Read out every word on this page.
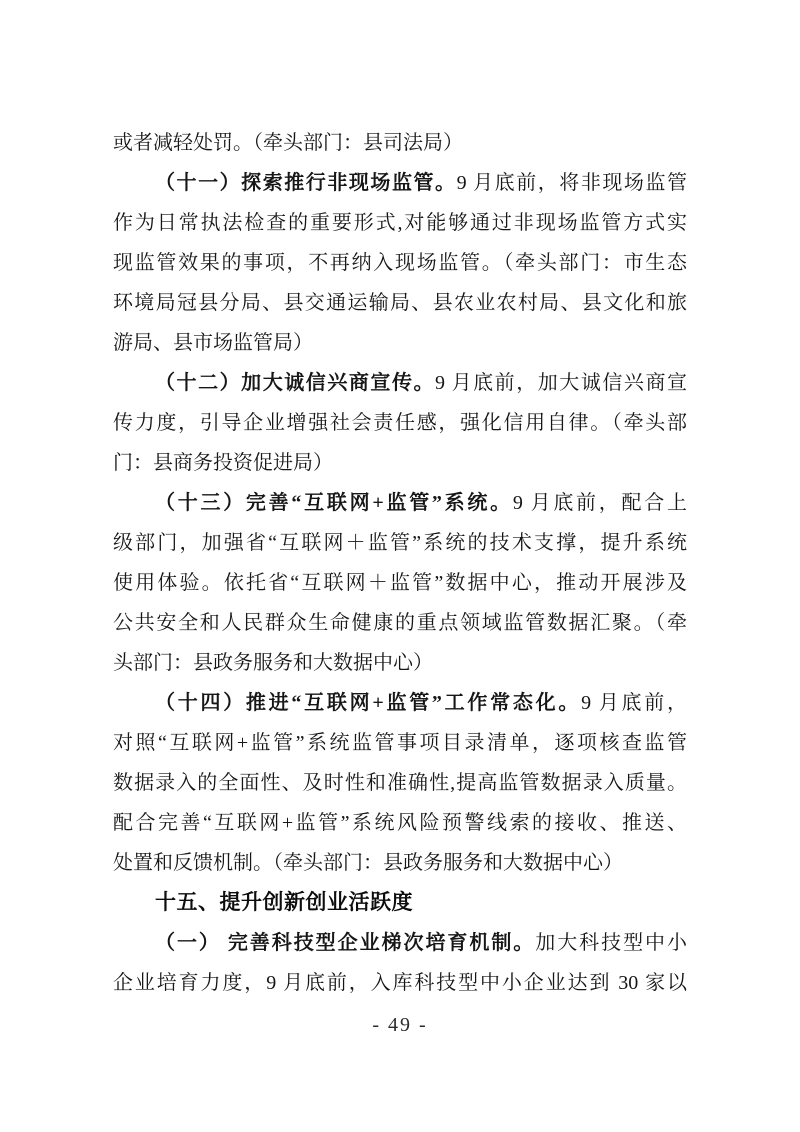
或者减轻处罚。（牵头部门：县司法局）
（十一）探索推行非现场监管。9 月底前，将非现场监管
作为日常执法检查的重要形式,对能够通过非现场监管方式实
现监管效果的事项，不再纳入现场监管。（牵头部门：市生态
环境局冠县分局、县交通运输局、县农业农村局、县文化和旅
游局、县市场监管局）
（十二）加大诚信兴商宣传。9 月底前，加大诚信兴商宣
传力度，引导企业增强社会责任感，强化信用自律。（牵头部
门：县商务投资促进局）
（十三）完善“互联网+监管”系统。9 月底前，配合上
级部门，加强省“互联网＋监管”系统的技术支撑，提升系统
使用体验。依托省“互联网＋监管”数据中心，推动开展涉及
公共安全和人民群众生命健康的重点领域监管数据汇聚。（牵
头部门：县政务服务和大数据中心）
（十四）推进“互联网+监管”工作常态化。9 月底前，
对照“互联网+监管”系统监管事项目录清单，逐项核查监管
数据录入的全面性、及时性和准确性,提高监管数据录入质量。
配合完善“互联网+监管”系统风险预警线索的接收、推送、
处置和反馈机制。（牵头部门：县政务服务和大数据中心）
十五、提升创新创业活跃度
（一） 完善科技型企业梯次培育机制。加大科技型中小
企业培育力度，9 月底前，入库科技型中小企业达到 30 家以
- 49 -
